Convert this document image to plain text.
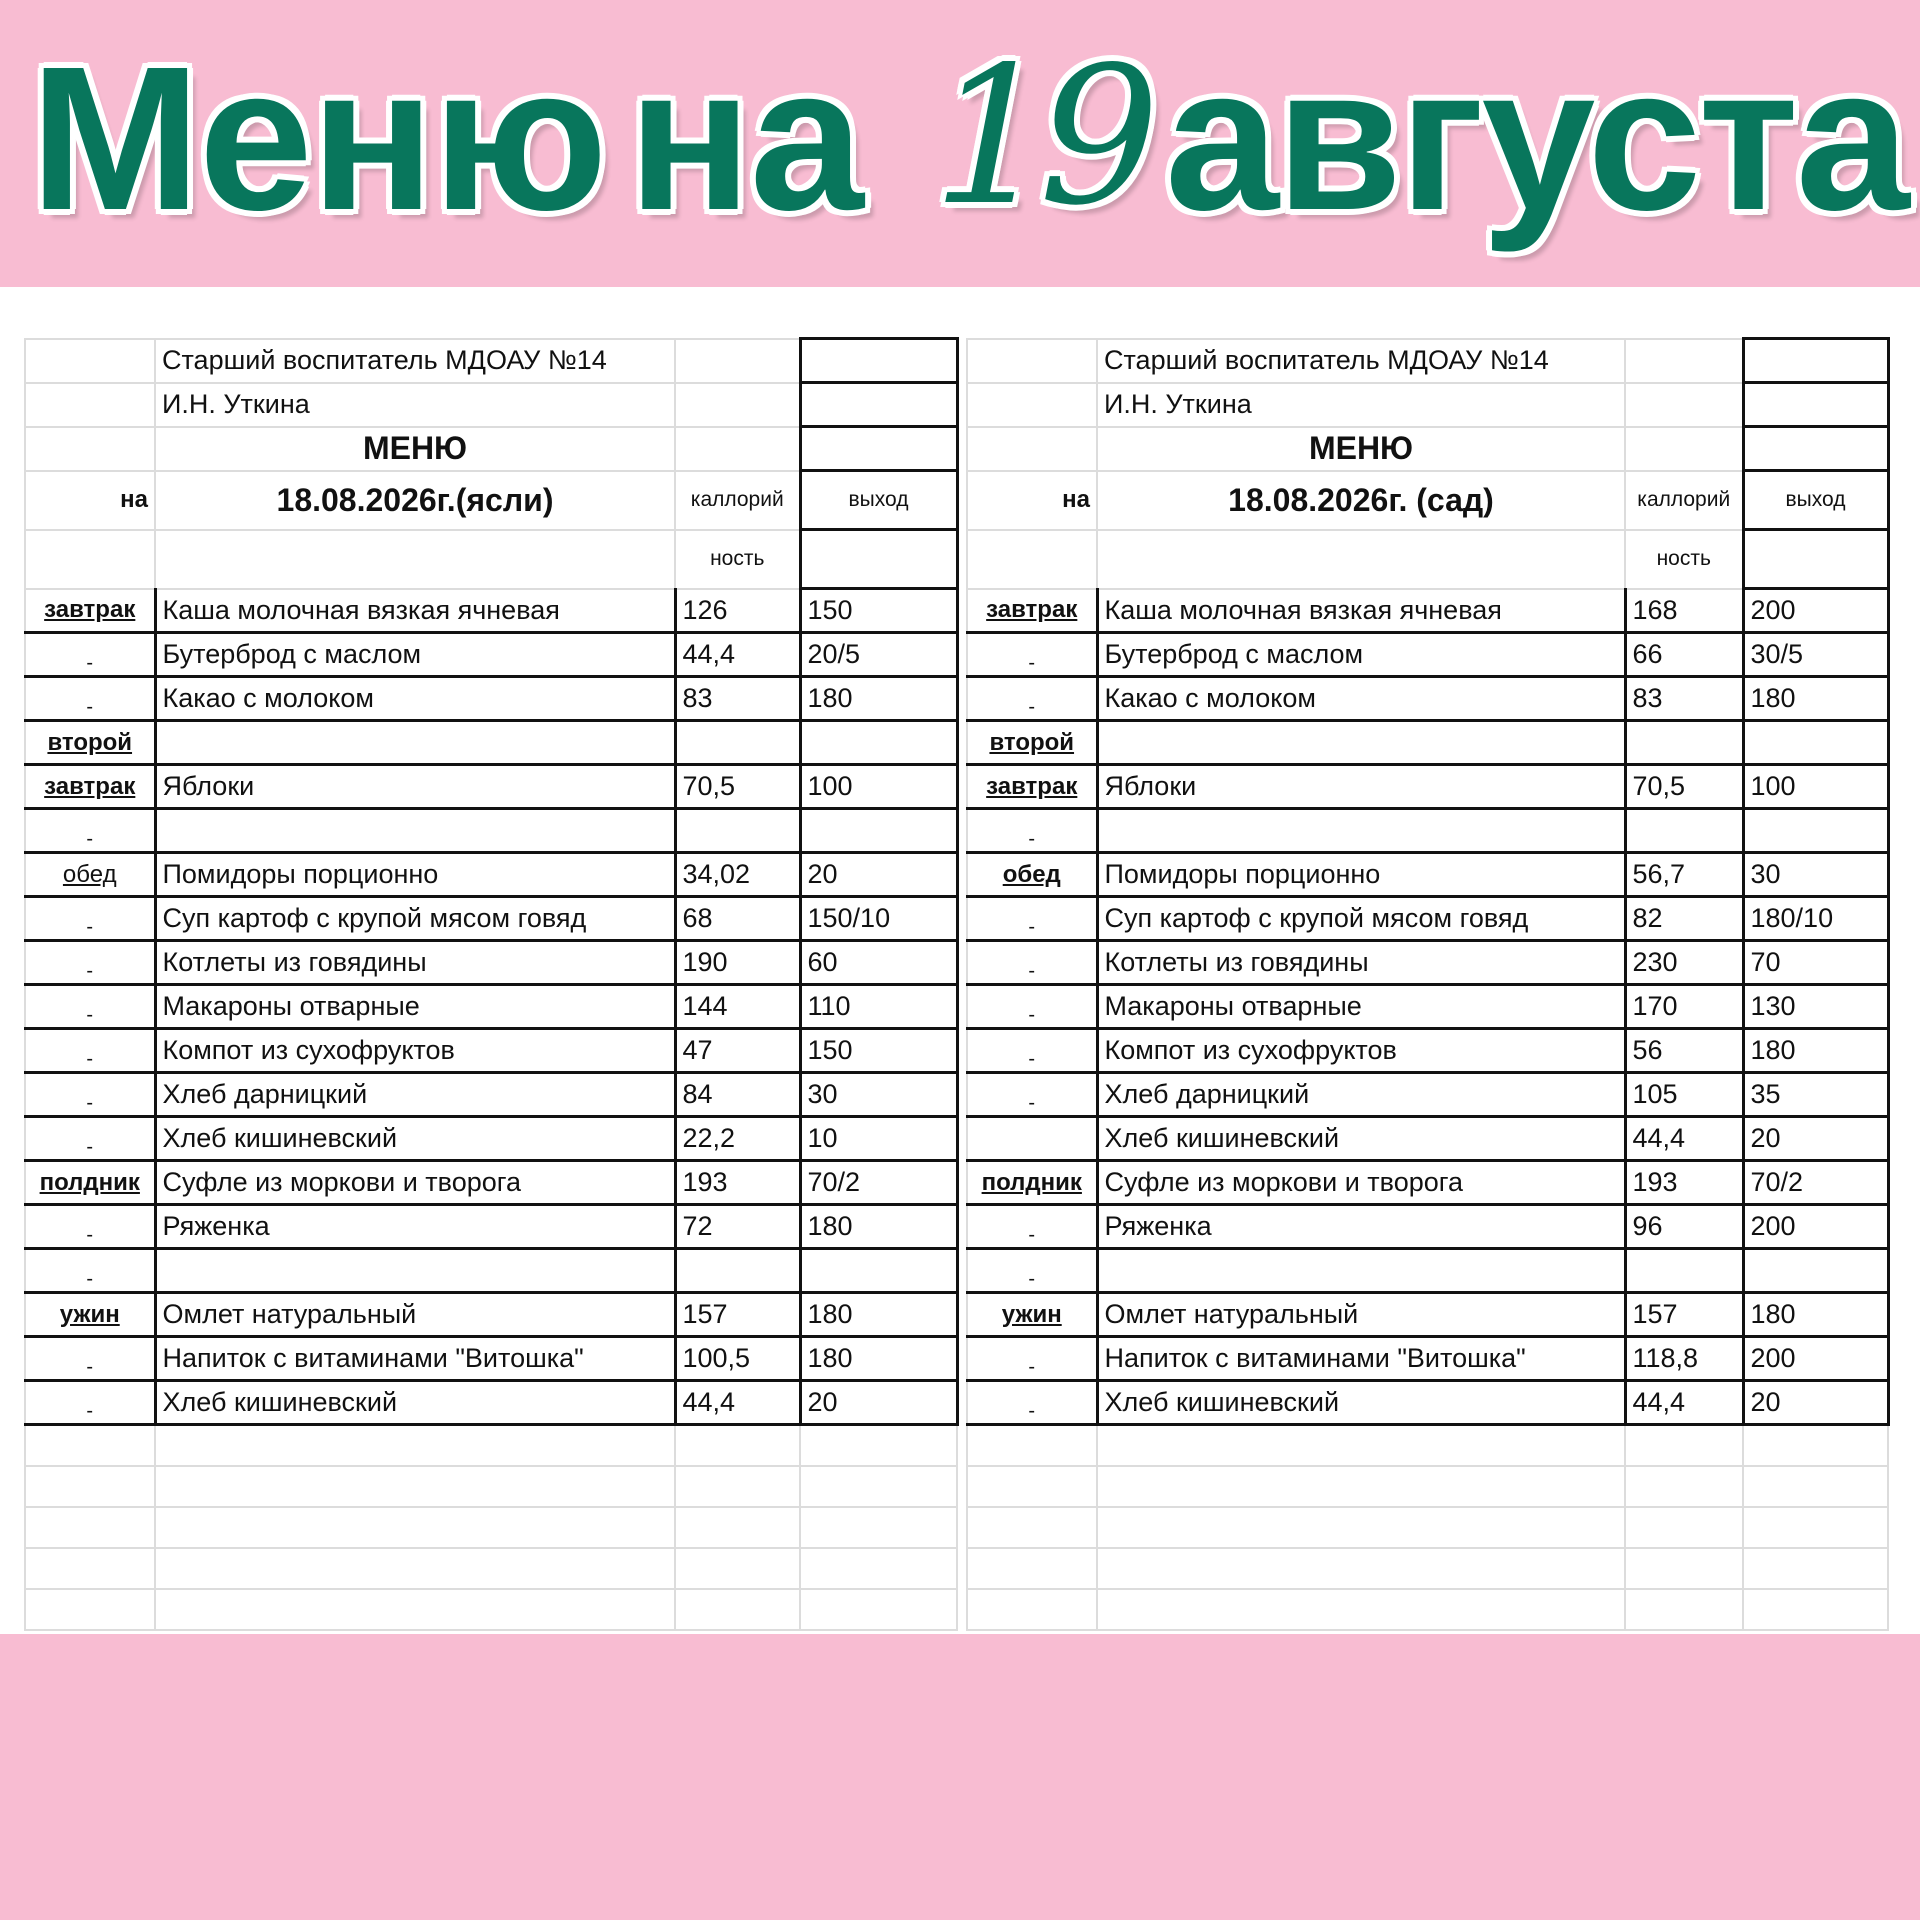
Меню на 19 августа
	Старший воспитатель МДОАУ №14		
	И.Н. Уткина		
	МЕНЮ		
на	18.08.2026г.(ясли)	каллорий	выход
		ность	
завтрак	Каша молочная вязкая ячневая	126	150
-	Бутерброд с маслом	44,4	20/5
-	Какао с молоком	83	180
второй			
завтрак	Яблоки	70,5	100
-			
обед	Помидоры порционно	34,02	20
-	Суп картоф с крупой мясом говяд	68	150/10
-	Котлеты из говядины	190	60
-	Макароны отварные	144	110
-	Компот из сухофруктов	47	150
-	Хлеб дарницкий	84	30
-	Хлеб кишиневский	22,2	10
полдник	Суфле из моркови и творога	193	70/2
-	Ряженка	72	180
-			
ужин	Омлет натуральный	157	180
-	Напиток с витаминами "Витошка"	100,5	180
-	Хлеб кишиневский	44,4	20

	Старший воспитатель МДОАУ №14		
	И.Н. Уткина		
	МЕНЮ		
на	18.08.2026г. (сад)	каллорий	выход
		ность	
завтрак	Каша молочная вязкая ячневая	168	200
-	Бутерброд с маслом	66	30/5
-	Какао с молоком	83	180
второй			
завтрак	Яблоки	70,5	100
-			
обед	Помидоры порционно	56,7	30
-	Суп картоф с крупой мясом говяд	82	180/10
-	Котлеты из говядины	230	70
-	Макароны отварные	170	130
-	Компот из сухофруктов	56	180
-	Хлеб дарницкий	105	35
	Хлеб кишиневский	44,4	20
полдник	Суфле из моркови и творога	193	70/2
-	Ряженка	96	200
-			
ужин	Омлет натуральный	157	180
-	Напиток с витаминами "Витошка"	118,8	200
-	Хлеб кишиневский	44,4	20
